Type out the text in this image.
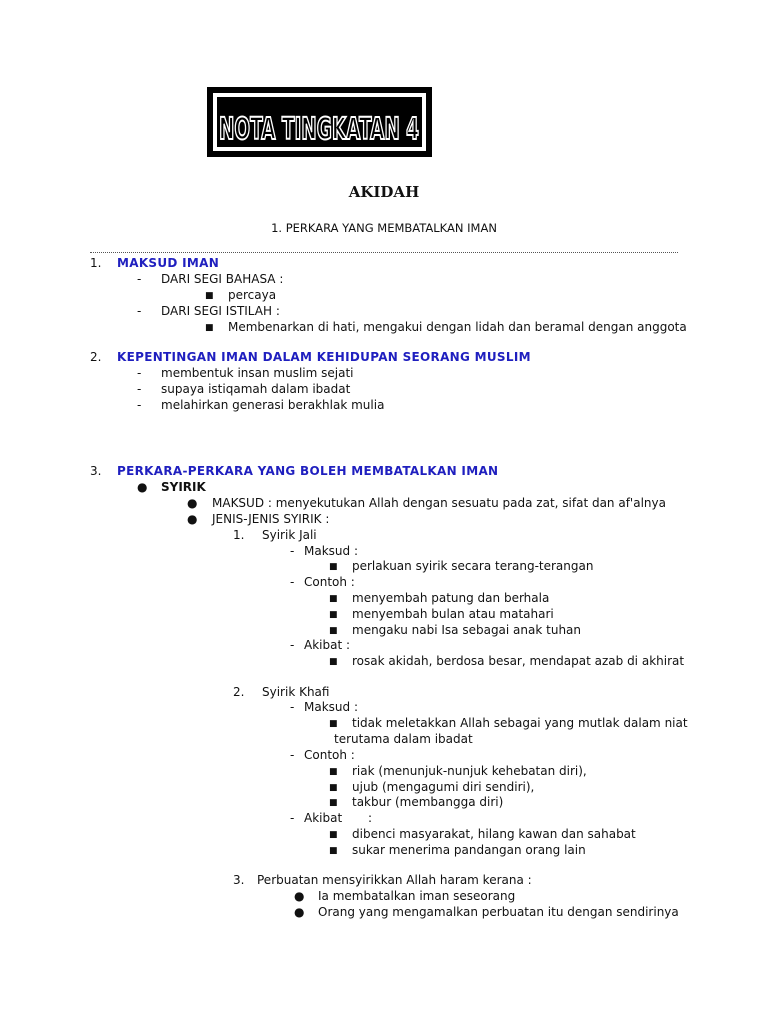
NOTA TINGKATAN 4
AKIDAH
1. PERKARA YANG MEMBATALKAN IMAN
1. MAKSUD IMAN
- DARI SEGI BAHASA :
■ percaya
- DARI SEGI ISTILAH :
■ Membenarkan di hati, mengakui dengan lidah dan beramal dengan anggota
2. KEPENTINGAN IMAN DALAM KEHIDUPAN SEORANG MUSLIM
- membentuk insan muslim sejati
- supaya istiqamah dalam ibadat
- melahirkan generasi berakhlak mulia
3. PERKARA-PERKARA YANG BOLEH MEMBATALKAN IMAN
● SYIRIK
● MAKSUD : menyekutukan Allah dengan sesuatu pada zat, sifat dan af'alnya
● JENIS-JENIS SYIRIK :
1. Syirik Jali
- Maksud :
■ perlakuan syirik secara terang-terangan
- Contoh :
■ menyembah patung dan berhala
■ menyembah bulan atau matahari
■ mengaku nabi Isa sebagai anak tuhan
- Akibat :
■ rosak akidah, berdosa besar, mendapat azab di akhirat
2. Syirik Khafi
- Maksud :
■ tidak meletakkan Allah sebagai yang mutlak dalam niat
terutama dalam ibadat
- Contoh :
■ riak (menunjuk-nunjuk kehebatan diri),
■ ujub (mengagumi diri sendiri),
■ takbur (membangga diri)
- Akibat :
■ dibenci masyarakat, hilang kawan dan sahabat
■ sukar menerima pandangan orang lain
3. Perbuatan mensyirikkan Allah haram kerana :
● Ia membatalkan iman seseorang
● Orang yang mengamalkan perbuatan itu dengan sendirinya
